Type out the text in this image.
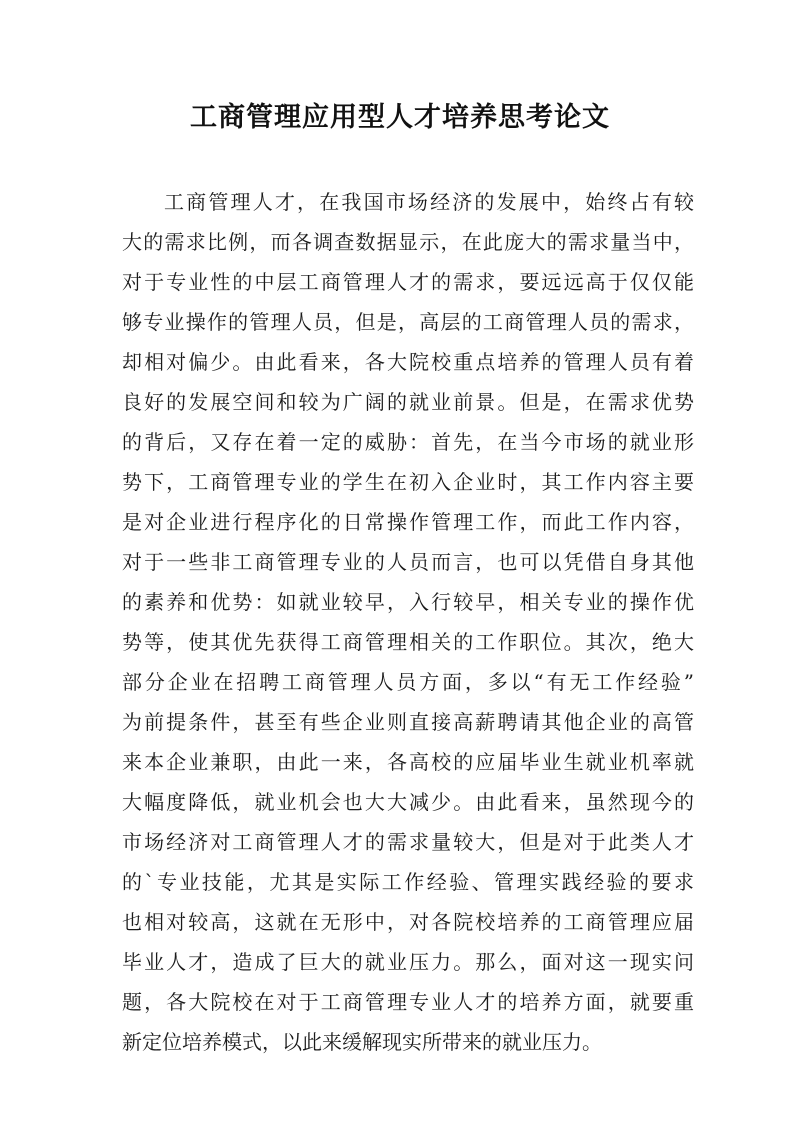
工商管理应用型人才培养思考论文
工商管理人才，在我国市场经济的发展中，始终占有较
大的需求比例，而各调查数据显示，在此庞大的需求量当中，
对于专业性的中层工商管理人才的需求，要远远高于仅仅能
够专业操作的管理人员，但是，高层的工商管理人员的需求，
却相对偏少。由此看来，各大院校重点培养的管理人员有着
良好的发展空间和较为广阔的就业前景。但是，在需求优势
的背后，又存在着一定的威胁：首先，在当今市场的就业形
势下，工商管理专业的学生在初入企业时，其工作内容主要
是对企业进行程序化的日常操作管理工作，而此工作内容，
对于一些非工商管理专业的人员而言，也可以凭借自身其他
的素养和优势：如就业较早，入行较早，相关专业的操作优
势等，使其优先获得工商管理相关的工作职位。其次，绝大
部分企业在招聘工商管理人员方面，多以“有无工作经验”
为前提条件，甚至有些企业则直接高薪聘请其他企业的高管
来本企业兼职，由此一来，各高校的应届毕业生就业机率就
大幅度降低，就业机会也大大减少。由此看来，虽然现今的
市场经济对工商管理人才的需求量较大，但是对于此类人才
的`专业技能，尤其是实际工作经验、管理实践经验的要求
也相对较高，这就在无形中，对各院校培养的工商管理应届
毕业人才，造成了巨大的就业压力。那么，面对这一现实问
题，各大院校在对于工商管理专业人才的培养方面，就要重
新定位培养模式，以此来缓解现实所带来的就业压力。
